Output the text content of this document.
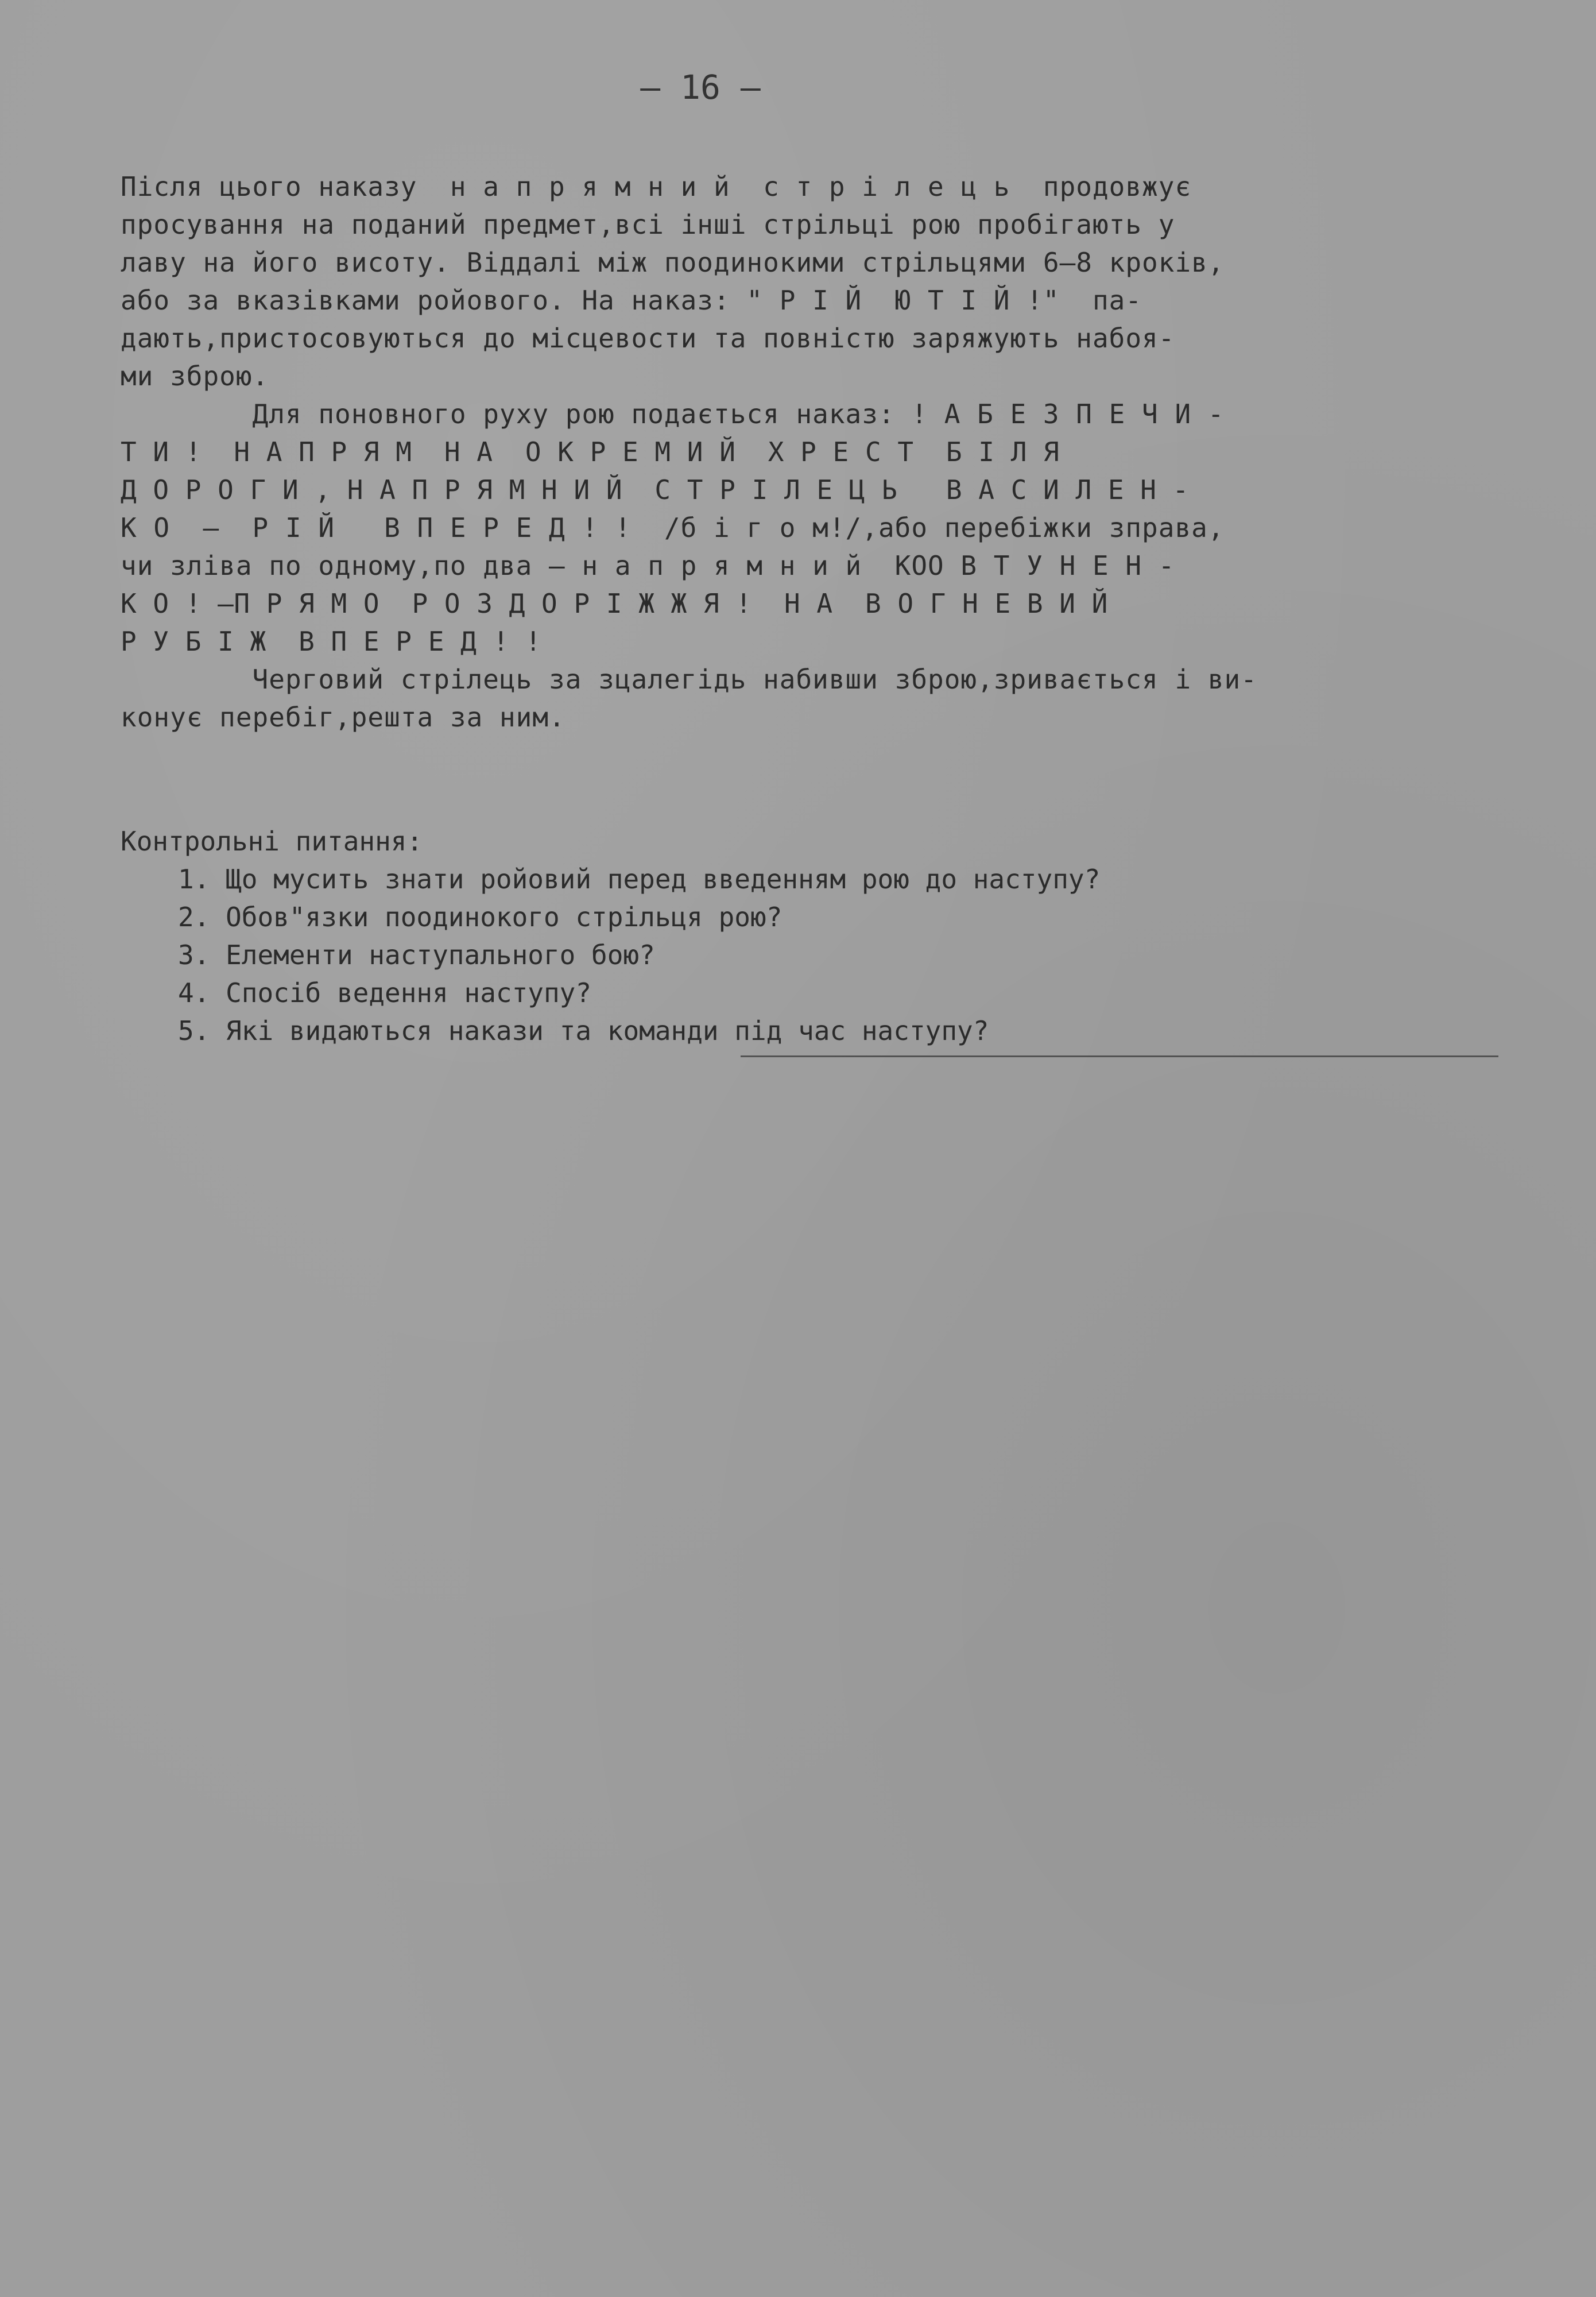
– 16 –
Після цього наказу  н а п р я м н и й  с т р і л е ц ь  продовжує
просування на поданий предмет,всі інші стрільці рою пробігають у
лаву на його висоту. Віддалі між поодинокими стрільцями 6–8 кроків,
або за вказівками ройового. На наказ: " Р І Й  Ю Т І Й !"  па-
дають,пристосовуються до місцевости та повністю заряжують набоя-
ми зброю.
Для поновного руху рою подається наказ: ! А Б Е З П Е Ч И -
Т И !  Н А П Р Я М  Н А  О К Р Е М И Й  Х Р Е С Т  Б І Л Я
Д О Р О Г И , Н А П Р Я М Н И Й  С Т Р І Л Е Ц Ь   В А С И Л Е Н -
К О  –  Р І Й   В П Е Р Е Д ! !  /б і г о м!/,або перебіжки зправа,
чи зліва по одному,по два – н а п р я м н и й  КОО В Т У Н Е Н -
К О ! –П Р Я М О  Р О З Д О Р І Ж Ж Я !  Н А  В О Г Н Е В И Й
Р У Б І Ж  В П Е Р Е Д ! !
Черговий стрілець за зцалегідь набивши зброю,зривається і ви-
конує перебіг,решта за ним.
Контрольні питання:
1. Що мусить знати ройовий перед введенням рою до наступу?
2. Обов"язки поодинокого стрільця рою?
3. Елементи наступального бою?
4. Спосіб ведення наступу?
5. Які видаються накази та команди під час наступу?
